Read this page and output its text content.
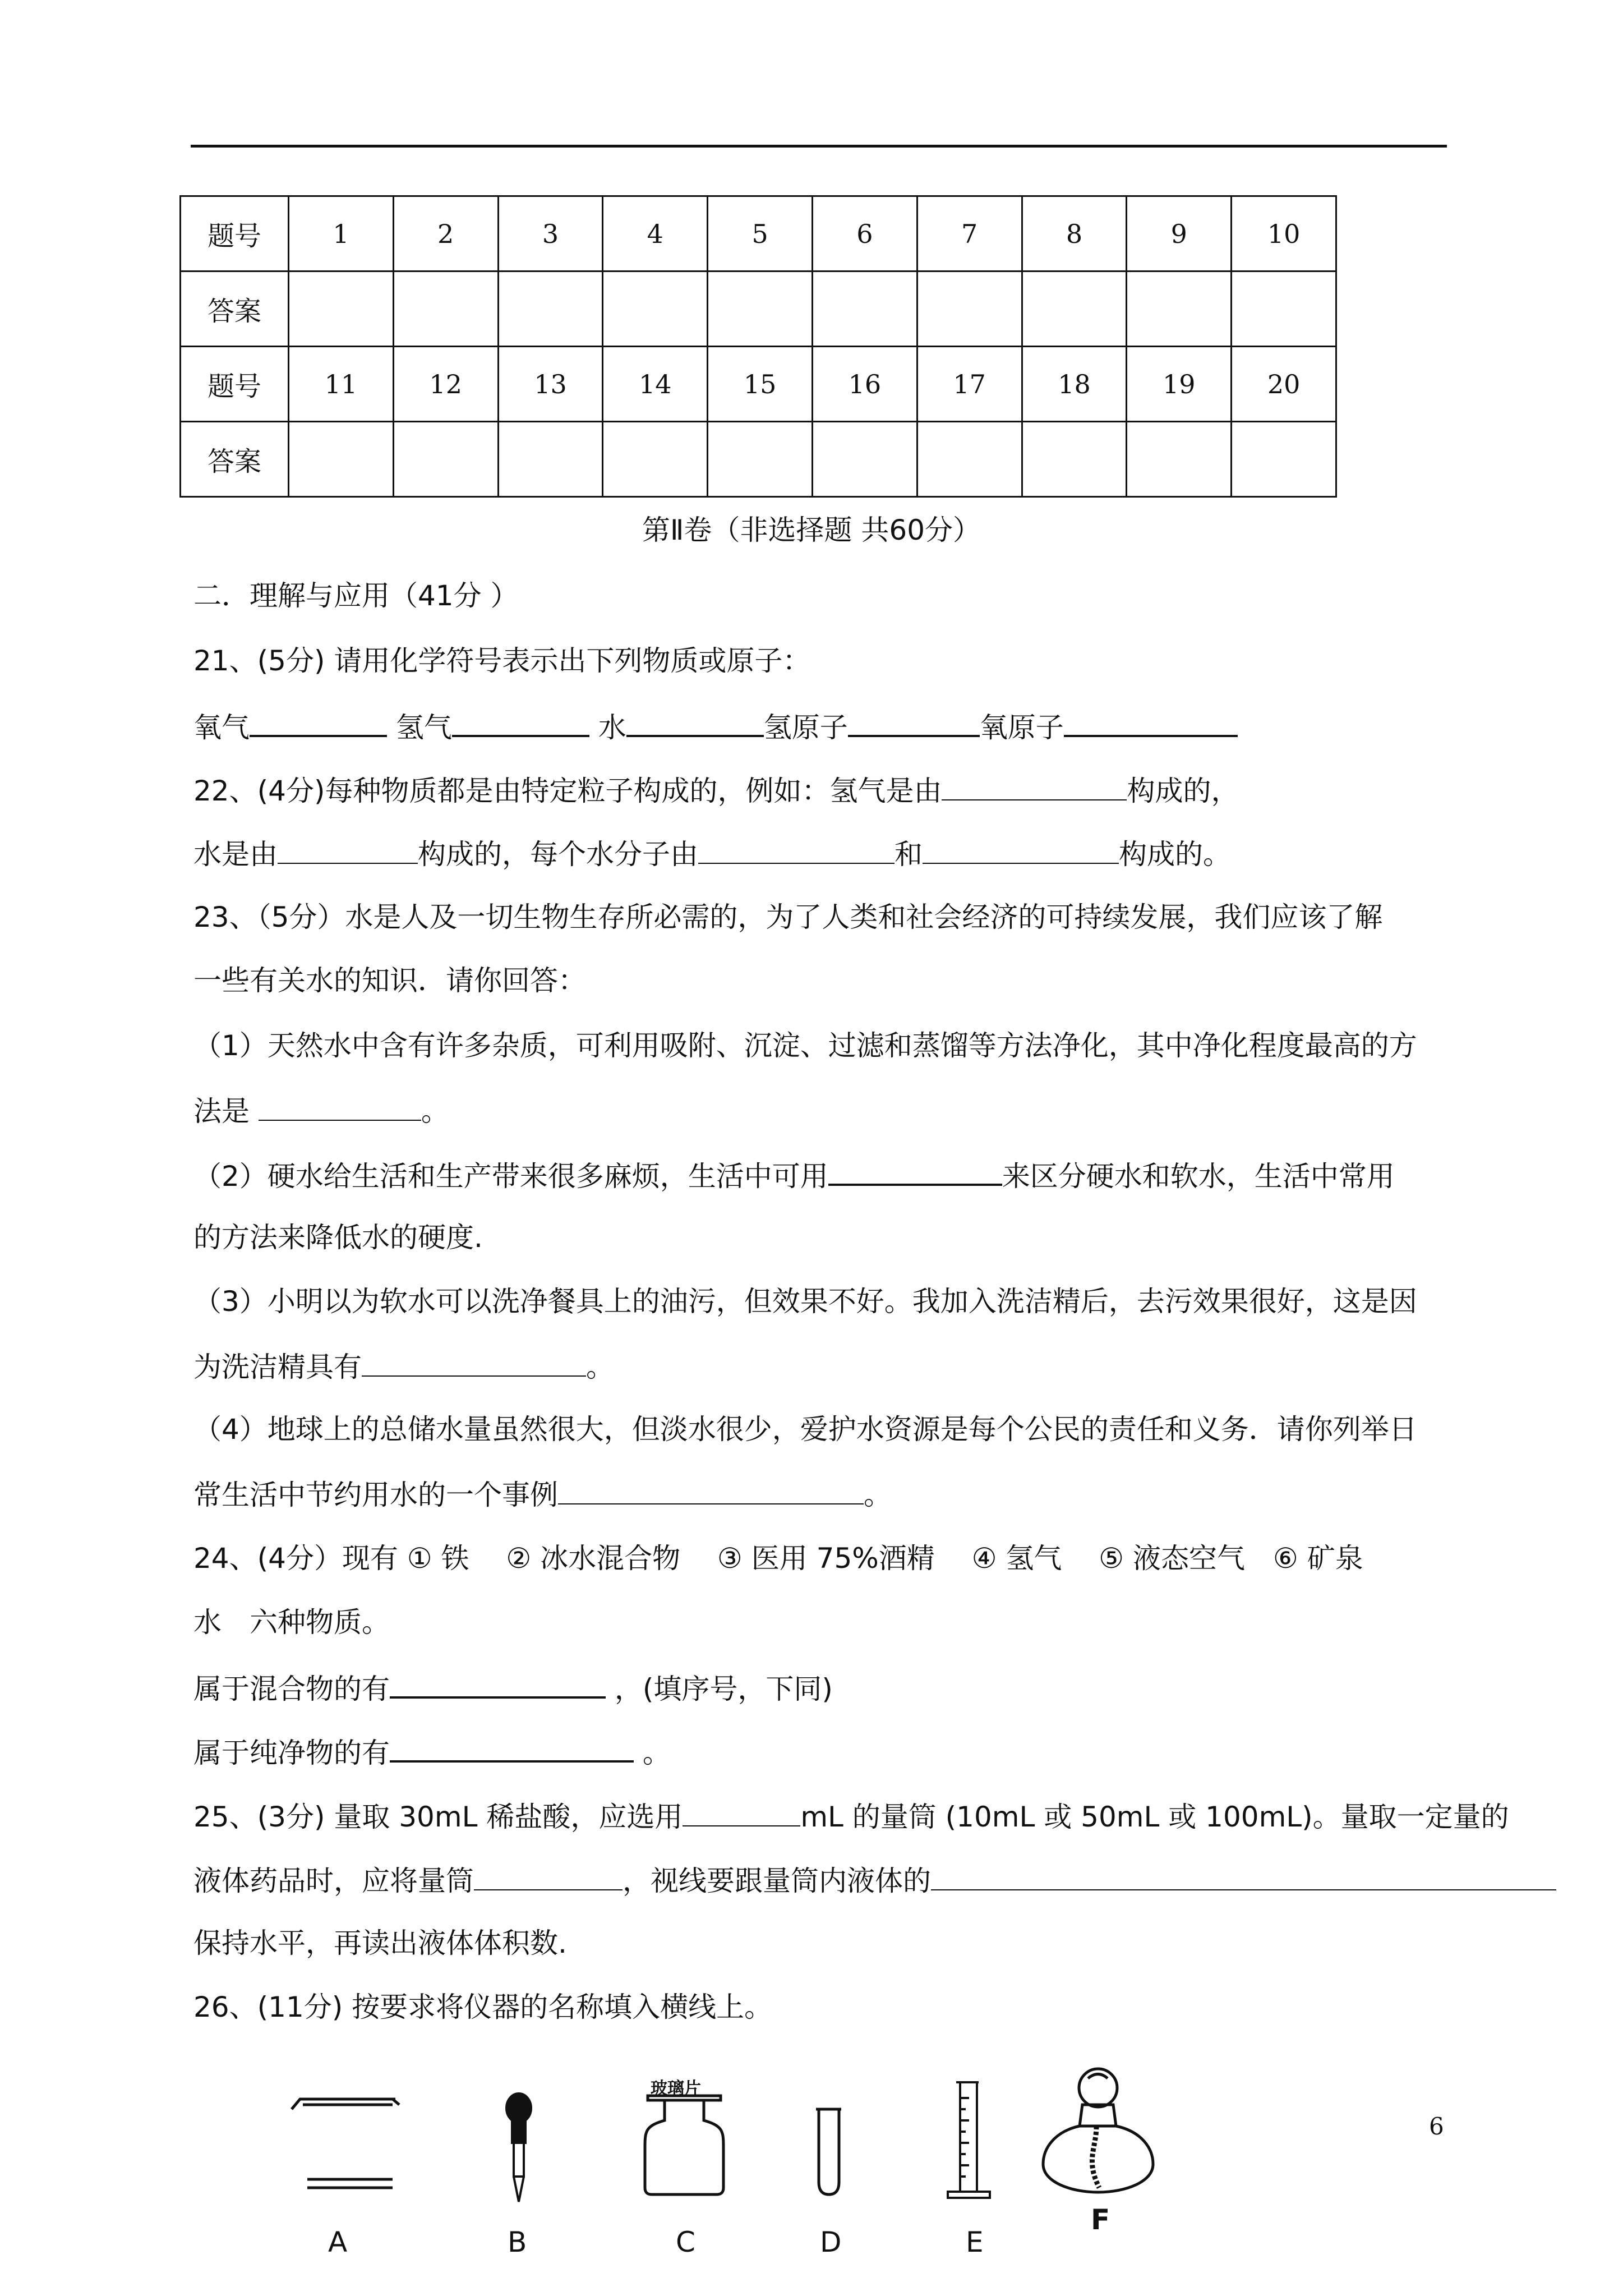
题号	1	2	3	4	5	6	7	8	9	10
答案										
题号	11	12	13	14	15	16	17	18	19	20
答案										
第Ⅱ卷（非选择题 共60分）
二．理解与应用（41分 ）
21、(5分) 请用化学符号表示出下列物质或原子：
氧气	氢气	水	氢原子	氧原子
22、(4分)每种物质都是由特定粒子构成的，例如：氢气是由	构成的，
水是由	构成的，每个水分子由	和	构成的。
23、（5分）水是人及一切生物生存所必需的，为了人类和社会经济的可持续发展，我们应该了解
一些有关水的知识．请你回答：
（1）天然水中含有许多杂质，可利用吸附、沉淀、过滤和蒸馏等方法净化，其中净化程度最高的方
法是	。
（2）硬水给生活和生产带来很多麻烦，生活中可用	来区分硬水和软水，生活中常用
的方法来降低水的硬度.
（3）小明以为软水可以洗净餐具上的油污，但效果不好。我加入洗洁精后，去污效果很好，这是因
为洗洁精具有	。
（4）地球上的总储水量虽然很大，但淡水很少，爱护水资源是每个公民的责任和义务．请你列举日
常生活中节约用水的一个事例	。
24、(4分）现有 ① 铁　 ② 冰水混合物　 ③ 医用 75%酒精　 ④ 氢气　 ⑤ 液态空气　⑥ 矿泉
水　六种物质。
属于混合物的有	，(填序号，下同)
属于纯净物的有	。
25、(3分) 量取 30mL 稀盐酸，应选用	mL 的量筒 (10mL 或 50mL 或 100mL)。量取一定量的
液体药品时，应将量筒	，视线要跟量筒内液体的
保持水平，再读出液体体积数.
26、(11分) 按要求将仪器的名称填入横线上。
玻璃片
A	B	C	D	E
F
6
